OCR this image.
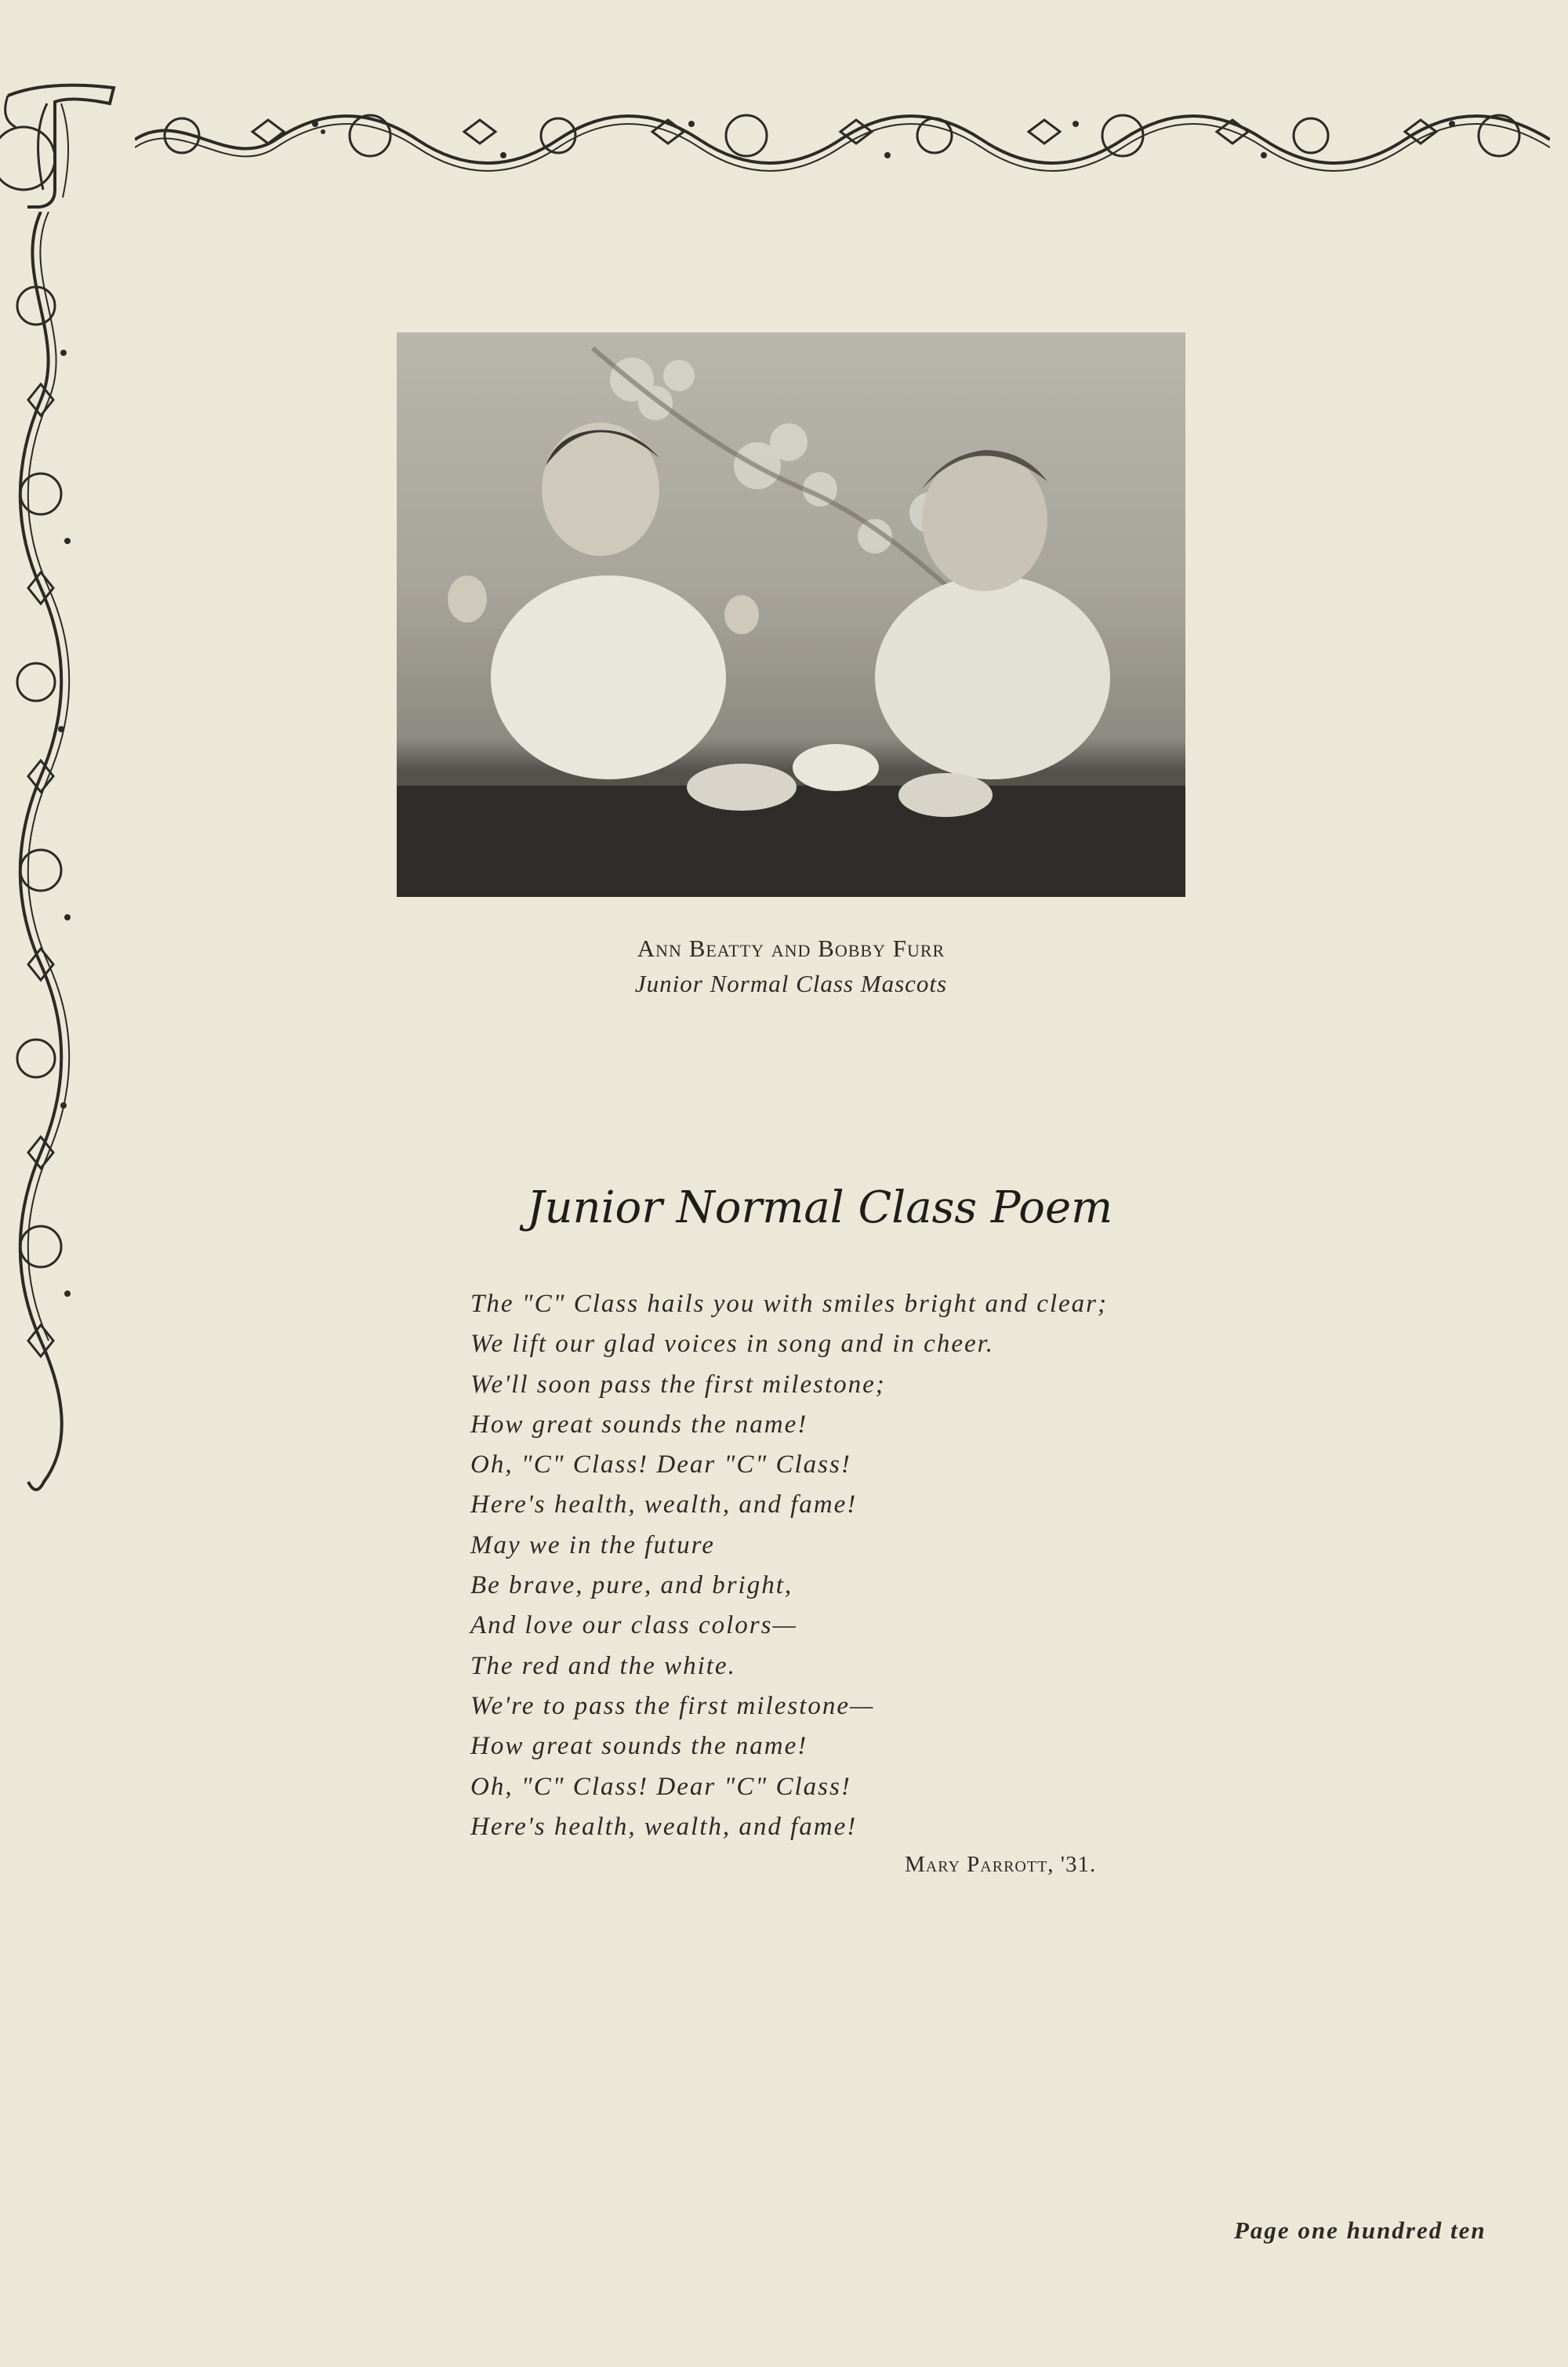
Ann Beatty and Bobby Furr
Junior Normal Class Mascots
Junior Normal Class Poem
The "C" Class hails you with smiles bright and clear;
We lift our glad voices in song and in cheer.
We'll soon pass the first milestone;
How great sounds the name!
Oh, "C" Class! Dear "C" Class!
Here's health, wealth, and fame!
May we in the future
Be brave, pure, and bright,
And love our class colors—
The red and the white.
We're to pass the first milestone—
How great sounds the name!
Oh, "C" Class! Dear "C" Class!
Here's health, wealth, and fame!
Mary Parrott, '31.
Page one hundred ten
